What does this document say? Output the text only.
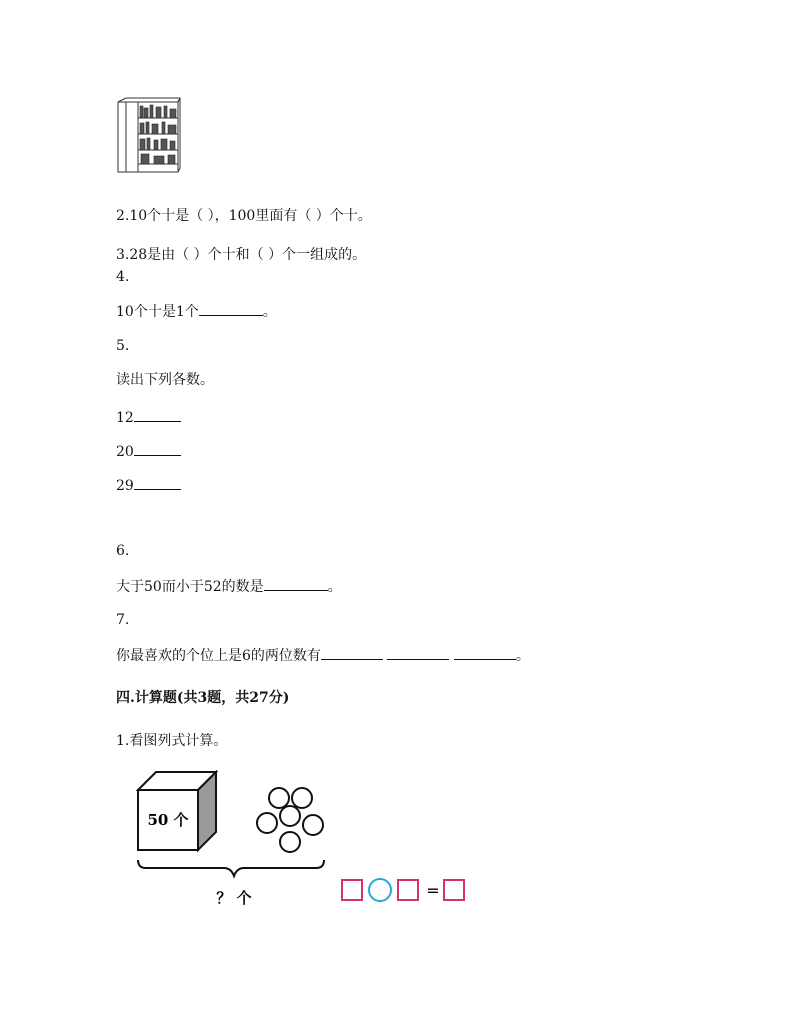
2.10个十是（ ），100里面有（ ）个十。
3.28是由（ ）个十和（ ）个一组成的。
4.
10个十是1个	。
5.
读出下列各数。
12
20
29
6.
大于50而小于52的数是	。
7.
你最喜欢的个位上是6的两位数有	。
四.计算题(共3题，共27分)
1.看图列式计算。
50 个
？ 个	=
